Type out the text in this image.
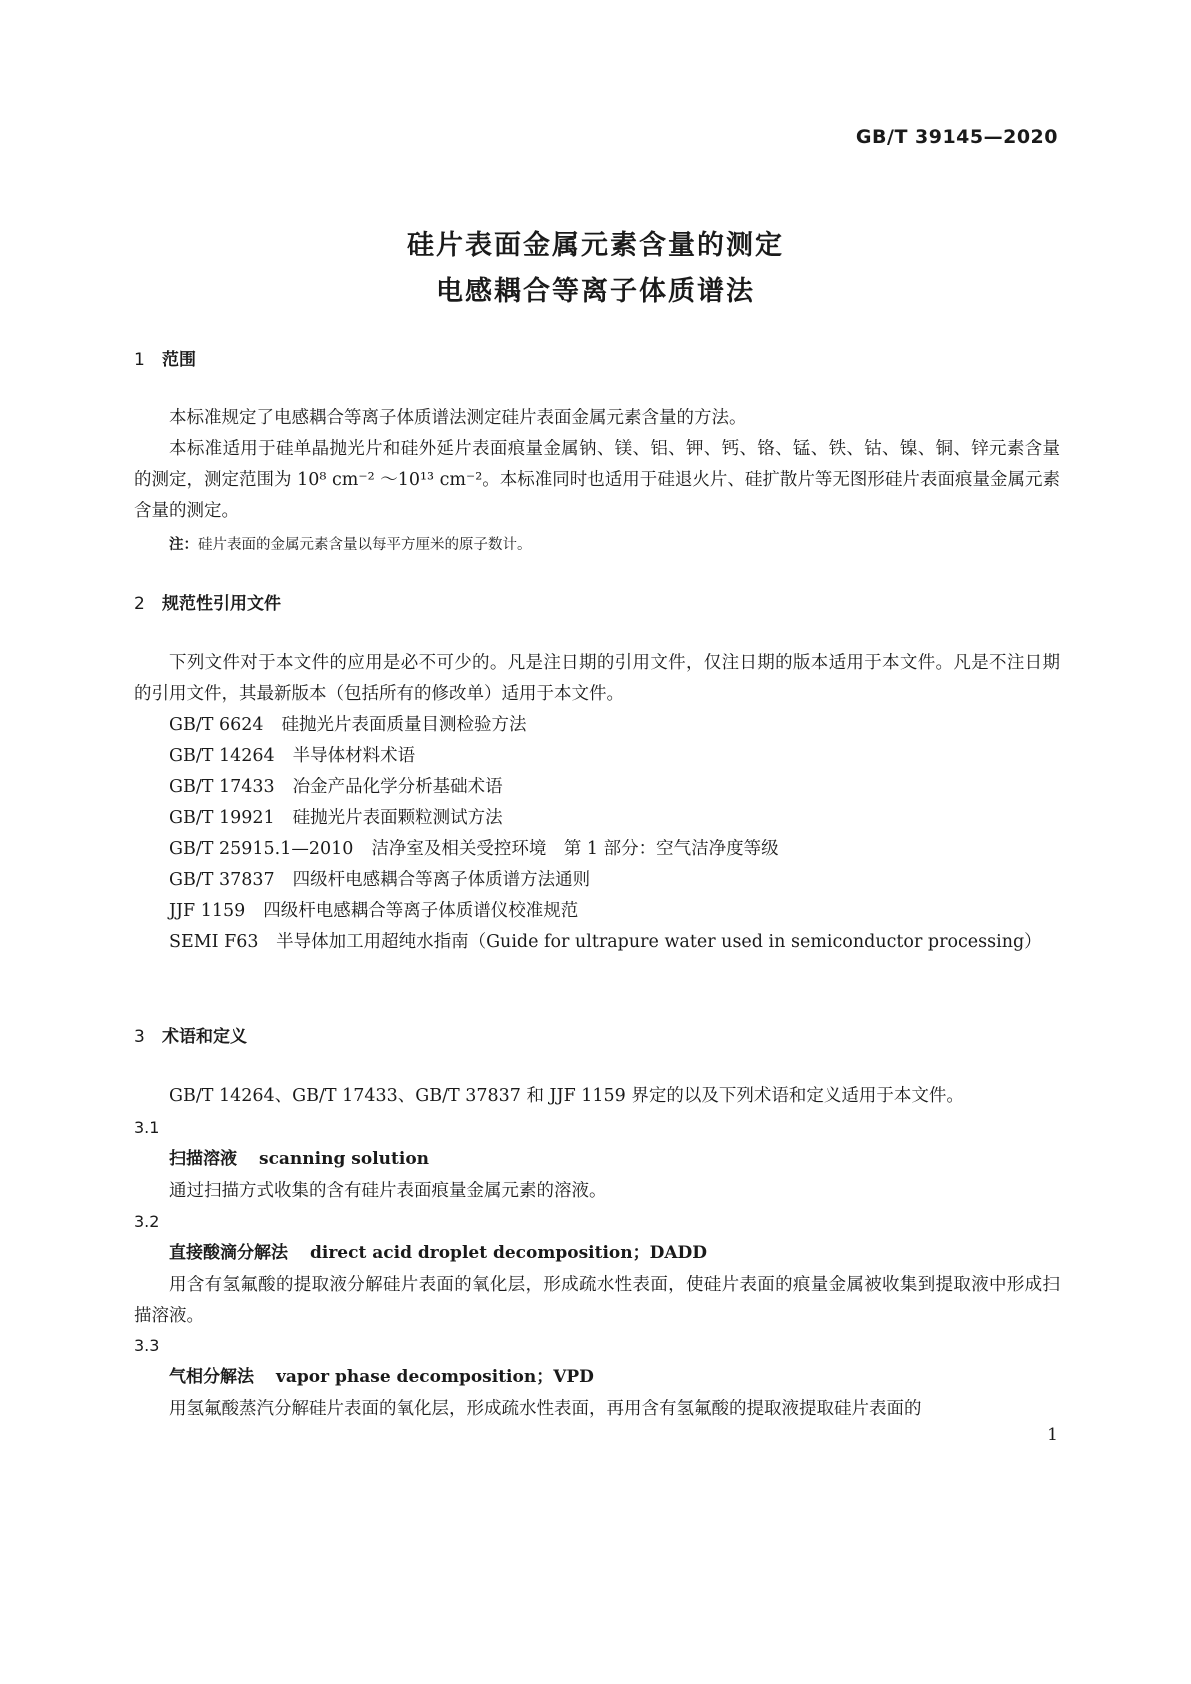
GB/T 39145—2020
硅片表面金属元素含量的测定
电感耦合等离子体质谱法
1 范围
本标准规定了电感耦合等离子体质谱法测定硅片表面金属元素含量的方法。
本标准适用于硅单晶抛光片和硅外延片表面痕量金属钠、镁、铝、钾、钙、铬、锰、铁、钴、镍、铜、锌元素含量的测定，测定范围为 10⁸ cm⁻² ～10¹³ cm⁻²。本标准同时也适用于硅退火片、硅扩散片等无图形硅片表面痕量金属元素含量的测定。
注：硅片表面的金属元素含量以每平方厘米的原子数计。
2 规范性引用文件
下列文件对于本文件的应用是必不可少的。凡是注日期的引用文件，仅注日期的版本适用于本文件。凡是不注日期的引用文件，其最新版本（包括所有的修改单）适用于本文件。
GB/T 6624 硅抛光片表面质量目测检验方法
GB/T 14264 半导体材料术语
GB/T 17433 冶金产品化学分析基础术语
GB/T 19921 硅抛光片表面颗粒测试方法
GB/T 25915.1—2010 洁净室及相关受控环境　第 1 部分：空气洁净度等级
GB/T 37837 四级杆电感耦合等离子体质谱方法通则
JJF 1159 四级杆电感耦合等离子体质谱仪校准规范
SEMI F63　 半导体加工用超纯水指南（Guide for ultrapure water used in semiconductor processing）
3 术语和定义
GB/T 14264、GB/T 17433、GB/T 37837 和 JJF 1159 界定的以及下列术语和定义适用于本文件。
3.1
扫描溶液 scanning solution
通过扫描方式收集的含有硅片表面痕量金属元素的溶液。
3.2
直接酸滴分解法 direct acid droplet decomposition；DADD
用含有氢氟酸的提取液分解硅片表面的氧化层，形成疏水性表面，使硅片表面的痕量金属被收集到提取液中形成扫描溶液。
3.3
气相分解法 vapor phase decomposition；VPD
用氢氟酸蒸汽分解硅片表面的氧化层，形成疏水性表面，再用含有氢氟酸的提取液提取硅片表面的
1
